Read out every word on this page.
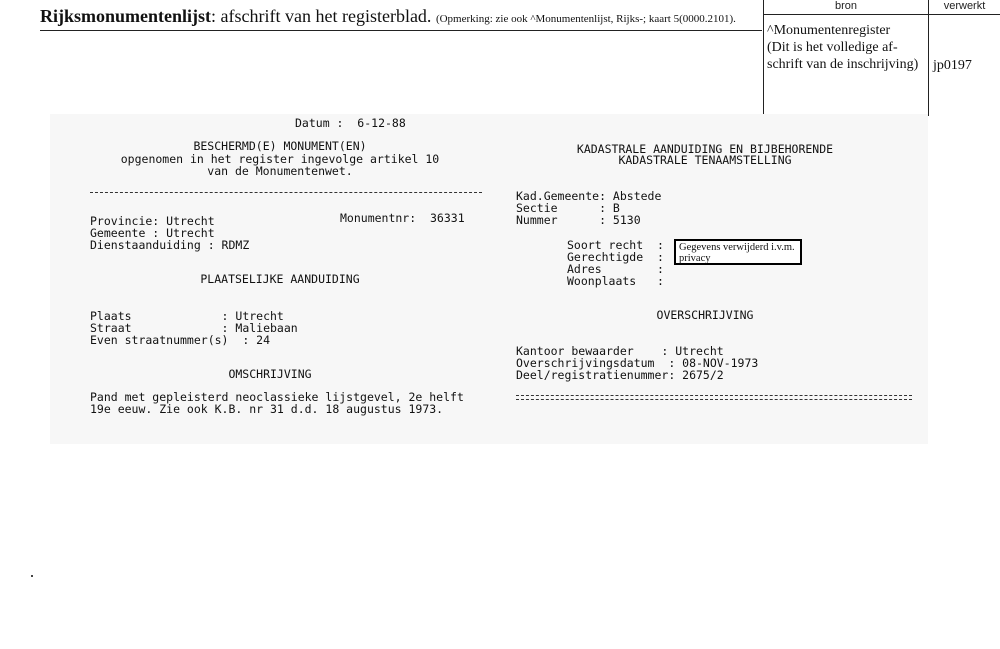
Rijksmonumentenlijst: afschrift van het registerblad. (Opmerking: zie ook ^Monumentenlijst, Rijks-; kaart 5(0000.2101).
bron	verwerkt
^Monumentenregister
(Dit is het volledige af-
schrift van de inschrijving)	jp0197
Datum :  6-12-88
BESCHERMD(E) MONUMENT(EN)
opgenomen in het register ingevolge artikel 10
van de Monumentenwet.
Provincie: Utrecht	Monumentnr:  36331
Gemeente : Utrecht
Dienstaanduiding : RDMZ
PLAATSELIJKE AANDUIDING
Plaats             : Utrecht
Straat             : Maliebaan
Even straatnummer(s)  : 24
OMSCHRIJVING
Pand met gepleisterd neoclassieke lijstgevel, 2e helft
19e eeuw. Zie ook K.B. nr 31 d.d. 18 augustus 1973.
KADASTRALE AANDUIDING EN BIJBEHORENDE
KADASTRALE TENAAMSTELLING
Kad.Gemeente: Abstede
Sectie      : B
Nummer      : 5130
Soort recht  :
Gerechtigde  :
Adres        :
Woonplaats   :
Gegevens verwijderd i.v.m. privacy
OVERSCHRIJVING
Kantoor bewaarder    : Utrecht
Overschrijvingsdatum  : 08-NOV-1973
Deel/registratienummer: 2675/2
